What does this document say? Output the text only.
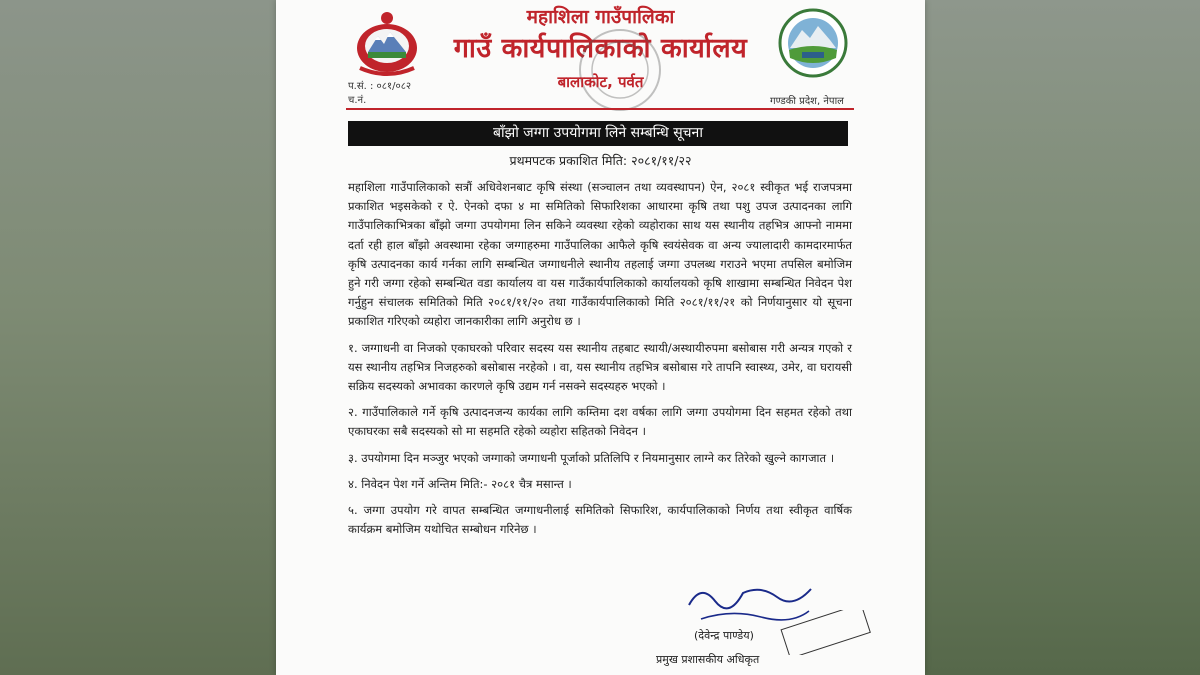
महाशिला गाउँपालिका
गाउँ कार्यपालिकाको कार्यालय
बालाकोट, पर्वत
प.सं. : ०८१/०८२
च.नं.	गण्डकी प्रदेश, नेपाल
बाँझो जग्गा उपयोगमा लिने सम्बन्धि सूचना
प्रथमपटक प्रकाशित मिति: २०८१/११/२२

महाशिला गाउँपालिकाको सत्रौं अधिवेशनबाट कृषि संस्था (सञ्चालन तथा व्यवस्थापन) ऐन, २०८१ स्वीकृत भई राजपत्रमा प्रकाशित भइसकेको र ऐ. ऐनको दफा ४ मा समितिको सिफारिशका आधारमा कृषि तथा पशु उपज उत्पादनका लागि गाउँपालिकाभित्रका बाँझो जग्गा उपयोगमा लिन सकिने व्यवस्था रहेको व्यहोराका साथ यस स्थानीय तहभित्र आफ्नो नाममा दर्ता रही हाल बाँझो अवस्थामा रहेका जग्गाहरुमा गाउँपालिका आफैले कृषि स्वयंसेवक वा अन्य ज्यालादारी कामदारमार्फत कृषि उत्पादनका कार्य गर्नका लागि सम्बन्धित जग्गाधनीले स्थानीय तहलाई जग्गा उपलब्ध गराउने भएमा तपसिल बमोजिम हुने गरी जग्गा रहेको सम्बन्धित वडा कार्यालय वा यस गाउँकार्यपालिकाको कार्यालयको कृषि शाखामा सम्बन्धित निवेदन पेश गर्नुहुन संचालक समितिको मिति २०८१/११/२० तथा गाउँकार्यपालिकाको मिति २०८१/११/२१ को निर्णयानुसार यो सूचना प्रकाशित गरिएको व्यहोरा जानकारीका लागि अनुरोध छ ।

१. जग्गाधनी वा निजको एकाघरको परिवार सदस्य यस स्थानीय तहबाट स्थायी/अस्थायीरुपमा बसोबास गरी अन्यत्र गएको र यस स्थानीय तहभित्र निजहरुको बसोबास नरहेको । वा, यस स्थानीय तहभित्र बसोबास गरे तापनि स्वास्थ्य, उमेर, वा घरायसी सक्रिय सदस्यको अभावका कारणले कृषि उद्यम गर्न नसक्ने सदस्यहरु भएको ।

२. गाउँपालिकाले गर्ने कृषि उत्पादनजन्य कार्यका लागि कम्तिमा दश वर्षका लागि जग्गा उपयोगमा दिन सहमत रहेको तथा एकाघरका सबै सदस्यको सो मा सहमति रहेको व्यहोरा सहितको निवेदन ।

३. उपयोगमा दिन मञ्जुर भएको जग्गाको जग्गाधनी पूर्जाको प्रतिलिपि र नियमानुसार लाग्ने कर तिरेको खुल्ने कागजात ।

४. निवेदन पेश गर्ने अन्तिम मिति:- २०८१ चैत्र मसान्त ।

५. जग्गा उपयोग गरे वापत सम्बन्धित जग्गाधनीलाई समितिको सिफारिश, कार्यपालिकाको निर्णय तथा स्वीकृत वार्षिक कार्यक्रम बमोजिम यथोचित सम्बोधन गरिनेछ ।

(देवेन्द्र पाण्डेय)
प्रमुख प्रशासकीय अधिकृत
